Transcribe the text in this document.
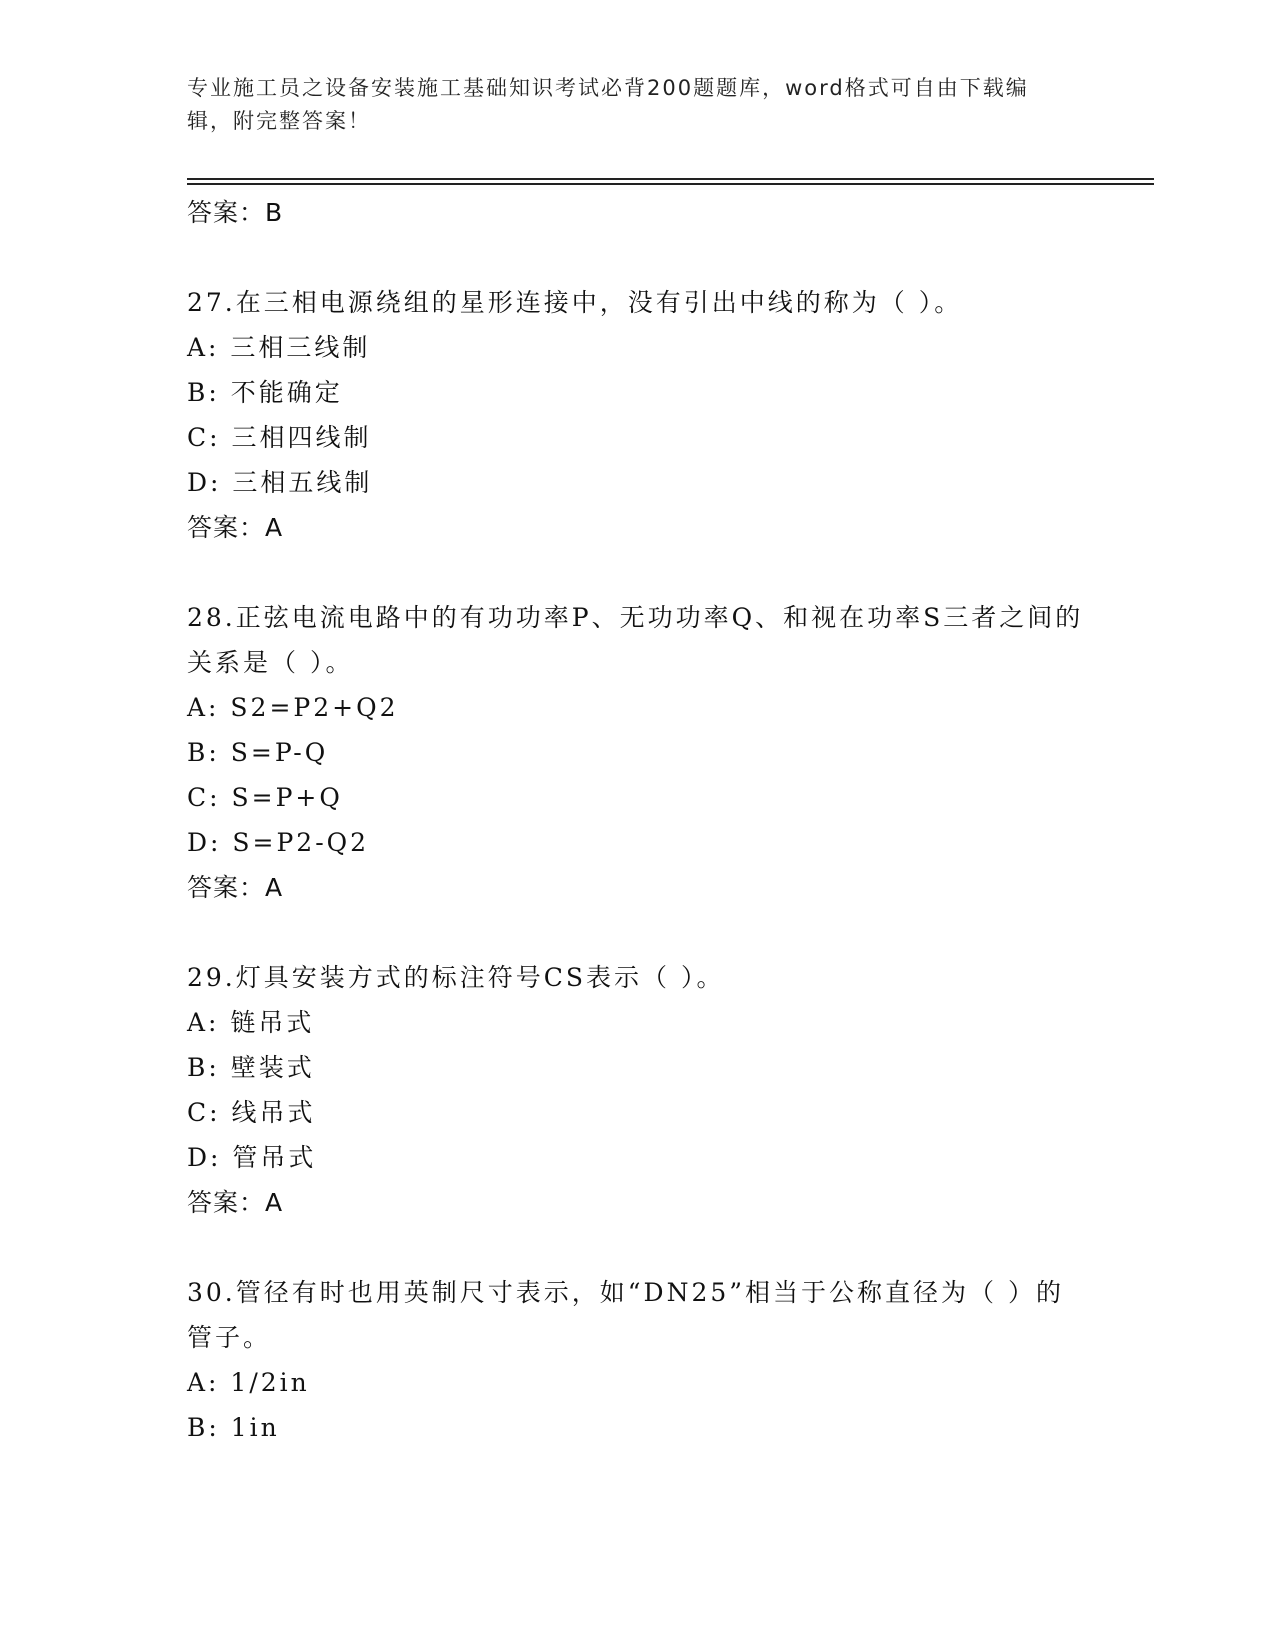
专业施工员之设备安装施工基础知识考试必背200题题库，word格式可自由下载编辑，附完整答案！
答案：B
27.在三相电源绕组的星形连接中，没有引出中线的称为（ ）。
A: 三相三线制
B: 不能确定
C: 三相四线制
D: 三相五线制
答案：A
28.正弦电流电路中的有功功率P、无功功率Q、和视在功率S三者之间的关系是（ ）。
A: S2=P2+Q2
B: S=P-Q
C: S=P+Q
D: S=P2-Q2
答案：A
29.灯具安装方式的标注符号CS表示（ ）。
A: 链吊式
B: 壁装式
C: 线吊式
D: 管吊式
答案：A
30.管径有时也用英制尺寸表示，如“DN25”相当于公称直径为（ ）的管子。
A: 1/2in
B: 1in
